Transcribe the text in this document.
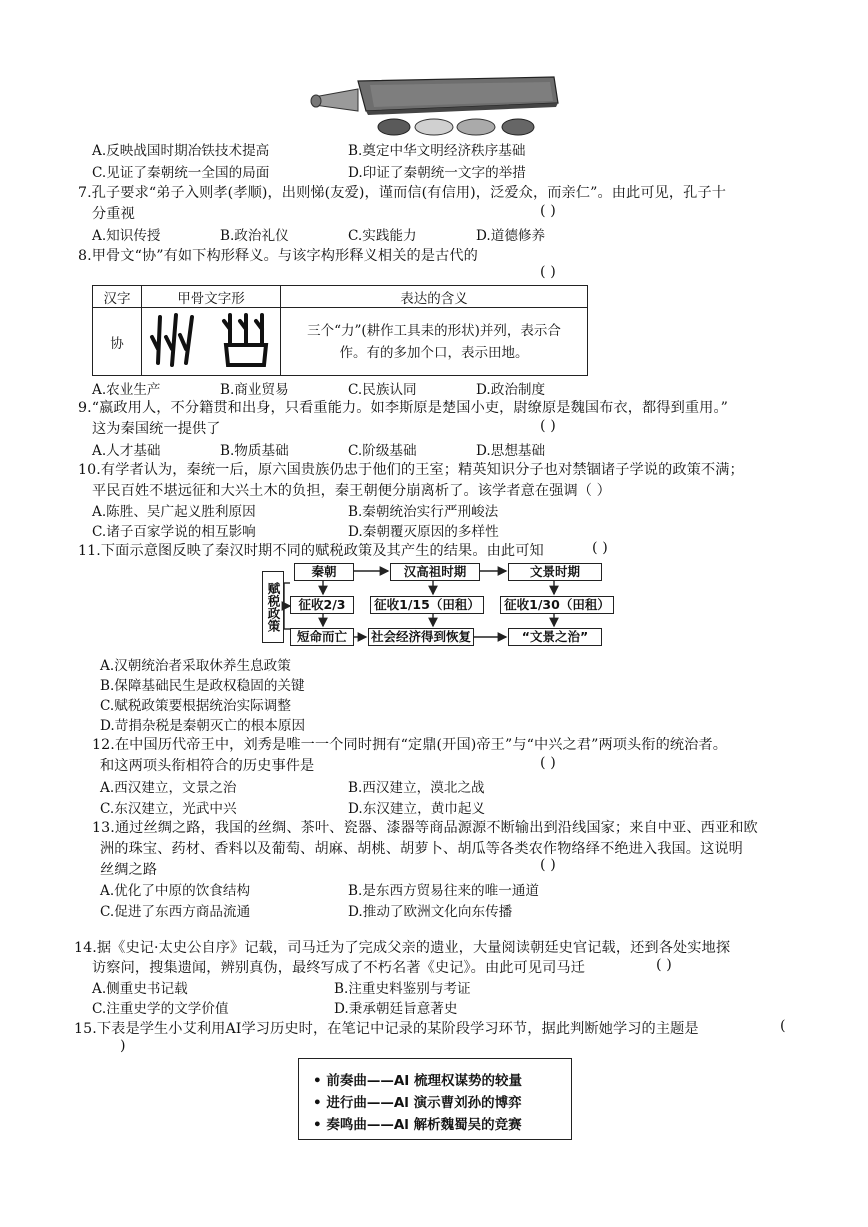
A.反映战国时期冶铁技术提高	B.奠定中华文明经济秩序基础
C.见证了秦朝统一全国的局面	D.印证了秦朝统一文字的举措
7.孔子要求“弟子入则孝(孝顺)，出则悌(友爱)，谨而信(有信用)，泛爱众，而亲仁”。由此可见，孔子十
分重视	( )
A.知识传授	B.政治礼仪	C.实践能力	D.道德修养
8.甲骨文“协”有如下构形释义。与该字构形释义相关的是古代的
( )
汉字	甲骨文字形	表达的含义
协		三个“力”(耕作工具耒的形状)并列，表示合
作。有的多加个口，表示田地。
A.农业生产	B.商业贸易	C.民族认同	D.政治制度
9.“嬴政用人，不分籍贯和出身，只看重能力。如李斯原是楚国小吏，尉缭原是魏国布衣，都得到重用。”
这为秦国统一提供了	( )
A.人才基础	B.物质基础	C.阶级基础	D.思想基础
10.有学者认为，秦统一后，原六国贵族仍忠于他们的王室；精英知识分子也对禁锢诸子学说的政策不满；
平民百姓不堪远征和大兴土木的负担，秦王朝便分崩离析了。该学者意在强调（ ）
A.陈胜、吴广起义胜利原因	B.秦朝统治实行严刑峻法
C.诸子百家学说的相互影响	D.秦朝覆灭原因的多样性
11.下面示意图反映了秦汉时期不同的赋税政策及其产生的结果。由此可知	( )
赋税政策
秦朝	汉高祖时期	文景时期
征收2/3	征收1/15（田租）	征收1/30（田租）
短命而亡	社会经济得到恢复	“文景之治”
A.汉朝统治者采取休养生息政策
B.保障基础民生是政权稳固的关键
C.赋税政策要根据统治实际调整
D.苛捐杂税是秦朝灭亡的根本原因
12.在中国历代帝王中，刘秀是唯一一个同时拥有“定鼎(开国)帝王”与“中兴之君”两项头衔的统治者。
和这两项头衔相符合的历史事件是	( )
A.西汉建立，文景之治	B.西汉建立，漠北之战
C.东汉建立，光武中兴	D.东汉建立，黄巾起义
13.通过丝绸之路，我国的丝绸、茶叶、瓷器、漆器等商品源源不断输出到沿线国家；来自中亚、西亚和欧
洲的珠宝、药材、香料以及葡萄、胡麻、胡桃、胡萝卜、胡瓜等各类农作物络绎不绝进入我国。这说明
丝绸之路	( )
A.优化了中原的饮食结构	B.是东西方贸易往来的唯一通道
C.促进了东西方商品流通	D.推动了欧洲文化向东传播
14.据《史记·太史公自序》记载，司马迁为了完成父亲的遗业，大量阅读朝廷史官记载，还到各处实地探
访察问，搜集遗闻，辨别真伪，最终写成了不朽名著《史记》。由此可见司马迁	( )
A.侧重史书记载	B.注重史料鉴别与考证
C.注重史学的文学价值	D.秉承朝廷旨意著史
15.下表是学生小艾利用AI学习历史时，在笔记中记录的某阶段学习环节，据此判断她学习的主题是	(
)
• 前奏曲——AI 梳理权谋势的较量
• 进行曲——Al 演示曹刘孙的博弈
• 奏鸣曲——Al 解析魏蜀吴的竞赛
